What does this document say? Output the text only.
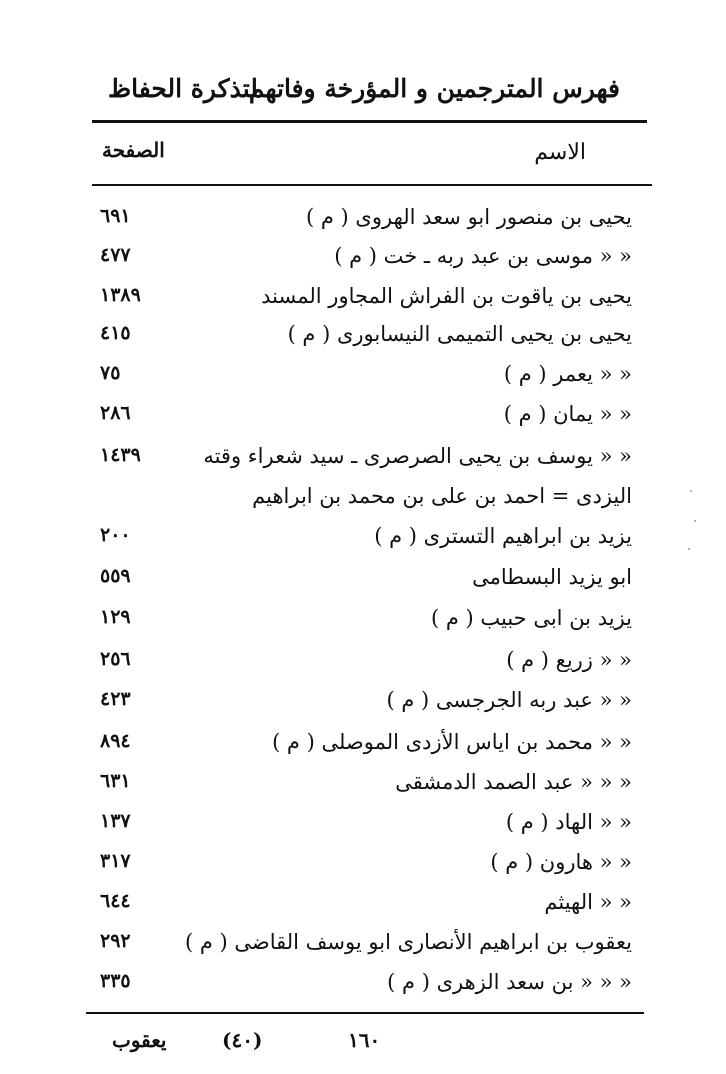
لتذكرة الحفاظ
فهرس المترجمين و المؤرخة وفاتهم
الصفحة	الاسم
٦٩١	يحيى بن منصور ابو سعد الهروى ( م )
٤٧٧	« « موسى بن عبد ربه ـ خت ( م )
١٣٨٩	يحيى بن ياقوت بن الفراش المجاور المسند
٤١٥	يحيى بن يحيى التميمى النيسابورى ( م )
٧٥	« « يعمر ( م )
٢٨٦	« « يمان ( م )
١٤٣٩	« « يوسف بن يحيى الصرصرى ـ سيد شعراء وقته
اليزدى = احمد بن على بن محمد بن ابراهيم
٢٠٠	يزيد بن ابراهيم التسترى ( م )
٥٥٩	ابو يزيد البسطامى
١٢٩	يزيد بن ابى حبيب ( م )
٢٥٦	« « زريع ( م )
٤٢٣	« « عبد ربه الجرجسى ( م )
٨٩٤	« « محمد بن اياس الأزدى الموصلى ( م )
٦٣١	« « « عبد الصمد الدمشقى
١٣٧	« « الهاد ( م )
٣١٧	« « هارون ( م )
٦٤٤	« « الهيثم
٢٩٢	يعقوب بن ابراهيم الأنصارى ابو يوسف القاضى ( م )
٣٣٥	« « « بن سعد الزهرى ( م )
يعقوب	(٤٠)	١٦٠
